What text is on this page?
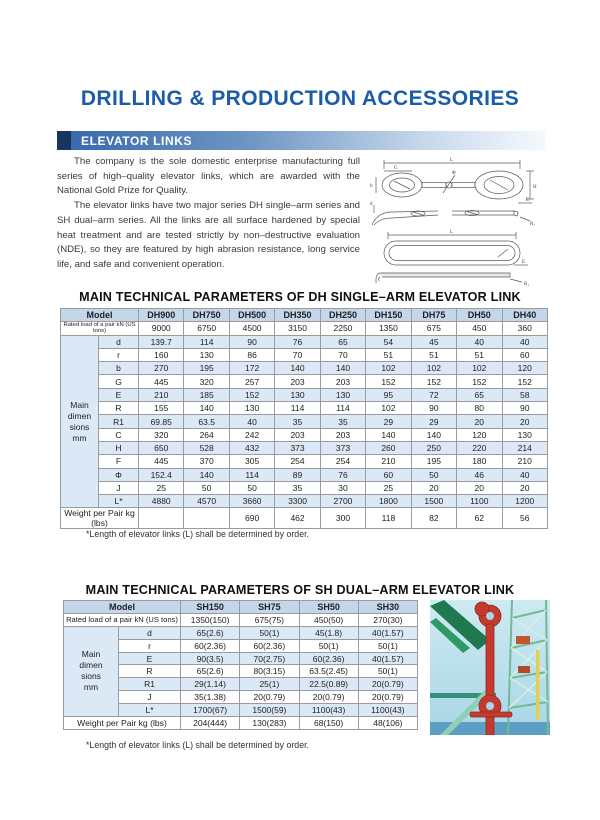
DRILLING & PRODUCTION ACCESSORIES
ELEVATOR LINKS

The company is the sole domestic enterprise manufacturing full series of high–quality elevator links, which are awarded with the National Gold Prize for Quality.

The elevator links have two major series DH single–arm series and SH dual–arm series. All the links are all surface hardened by special heat treatment and are tested strictly by non–destructive evaluation (NDE), so they are featured by high abrasion resistance, long service life, and safe and convenient operation.

L
G
Φ
H
b
d
E
R₁
L
E
R₁
MAIN TECHNICAL PARAMETERS OF DH SINGLE–ARM ELEVATOR LINK
Model		DH900	DH750	DH500	DH350	DH250	DH150	DH75	DH50	DH40
Rated load of a pair kN (US tons)		9000	6750	4500	3150	2250	1350	675	450	360
Main
dimen
sions
mm	d	139.7	114	90	76	65	54	45	40	40
	r	160	130	86	70	70	51	51	51	60
	b	270	195	172	140	140	102	102	102	120
	G	445	320	257	203	203	152	152	152	152
	E	210	185	152	130	130	95	72	65	58
	R	155	140	130	114	114	102	90	80	90
	R1	69.85	63.5	40	35	35	29	29	20	20
	C	320	264	242	203	203	140	140	120	130
	H	650	528	432	373	373	260	250	220	214
	F	445	370	305	254	254	210	195	180	210
	Φ	152.4	140	114	89	76	60	50	46	40
	J	25	50	50	35	30	25	20	20	20
	L*	4880	4570	3660	3300	2700	1800	1500	1100	1200
Weight per Pair kg (lbs)				690	462	300	118	82	62	56
*Length of elevator links (L) shall be determined by order.
MAIN TECHNICAL PARAMETERS OF SH DUAL–ARM ELEVATOR LINK
Model		SH150	SH75	SH50	SH30
Rated load of a pair kN (US tons)		1350(150)	675(75)	450(50)	270(30)
Main
dimen
sions
mm	d	65(2.6)	50(1)	45(1.8)	40(1.57)
	r	60(2.36)	60(2.36)	50(1)	50(1)
	E	90(3.5)	70(2.75)	60(2.36)	40(1.57)
	R	65(2.6)	80(3.15)	63.5(2.45)	50(1)
	R1	29(1.14)	25(1)	22.5(0.89)	20(0.79)
	J	35(1.38)	20(0.79)	20(0.79)	20(0.79)
	L*	1700(67)	1500(59)	1100(43)	1100(43)
Weight per Pair kg (lbs)		204(444)	130(283)	68(150)	48(106)
*Length of elevator links (L) shall be determined by order.
